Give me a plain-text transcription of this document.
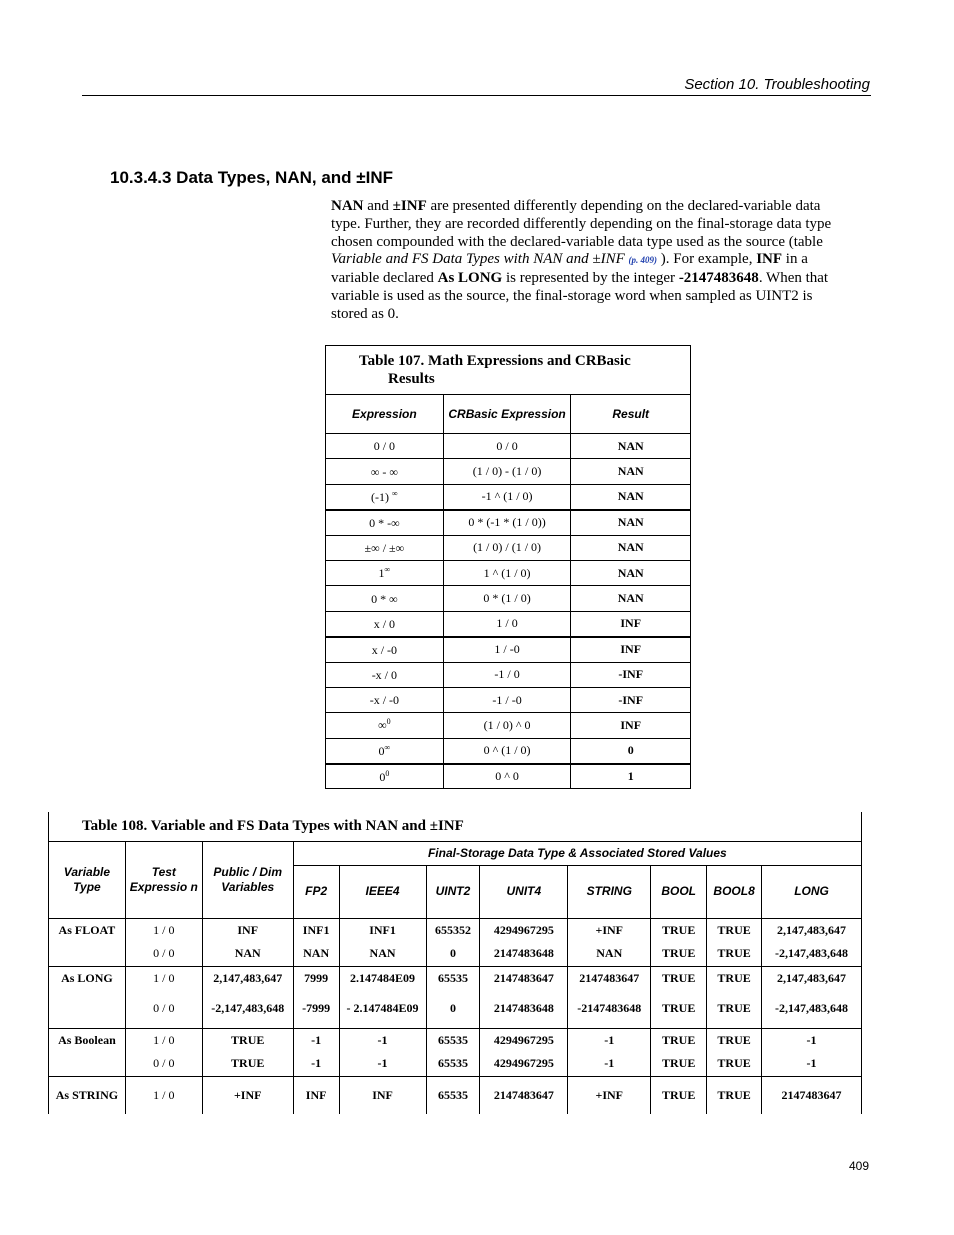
Section 10. Troubleshooting
10.3.4.3 Data Types, NAN, and ±INF

NAN and ±INF are presented differently depending on the declared-variable data type. Further, they are recorded differently depending on the final-storage data type chosen compounded with the declared-variable data type used as the source (table Variable and FS Data Types with NAN and ±INF (p. 409) ). For example, INF in a variable declared As LONG is represented by the integer -2147483648. When that variable is used as the source, the final-storage word when sampled as UINT2 is stored as 0.

Table 107. Math Expressions and CRBasic
Results		

Expression	CRBasic Expression	Result
0 / 0	0 / 0	NAN
∞ - ∞	(1 / 0) - (1 / 0)	NAN
(-1) ∞	-1 ^ (1 / 0)	NAN
0 * -∞	0 * (-1 * (1 / 0))	NAN
±∞ / ±∞	(1 / 0) / (1 / 0)	NAN
1∞	1 ^ (1 / 0)	NAN
0 * ∞	0 * (1 / 0)	NAN
x / 0	1 / 0	INF
x / -0	1 / -0	INF
-x / 0	-1 / 0	-INF
-x / -0	-1 / -0	-INF
∞$^0$	(1 / 0) ^ 0	INF
0∞	0 ^ (1 / 0)	0
$0^0$	0 ^ 0	1
Table 108. Variable and FS Data Types with NAN and ±INF										
Variable Type	Test Expressio n	Public / Dim Variables	Final-Storage Data Type & Associated Stored Values							
			FP2	IEEE4	UINT2	UNIT4	STRING	BOOL	BOOL8	LONG
As FLOAT	1 / 0	INF	INF1	INF1	655352	4294967295	+INF	TRUE	TRUE	2,147,483,647
	0 / 0	NAN	NAN	NAN	0	2147483648	NAN	TRUE	TRUE	-2,147,483,648
As LONG	1 / 0	2,147,483,647	7999	2.147484E09	65535	2147483647	2147483647	TRUE	TRUE	2,147,483,647
	0 / 0	-2,147,483,648	-7999	- 2.147484E09	0	2147483648	-2147483648	TRUE	TRUE	-2,147,483,648
As Boolean	1 / 0	TRUE	-1	-1	65535	4294967295	-1	TRUE	TRUE	-1
	0 / 0	TRUE	-1	-1	65535	4294967295	-1	TRUE	TRUE	-1
As STRING	1 / 0	+INF	INF	INF	65535	2147483647	+INF	TRUE	TRUE	2147483647
409
